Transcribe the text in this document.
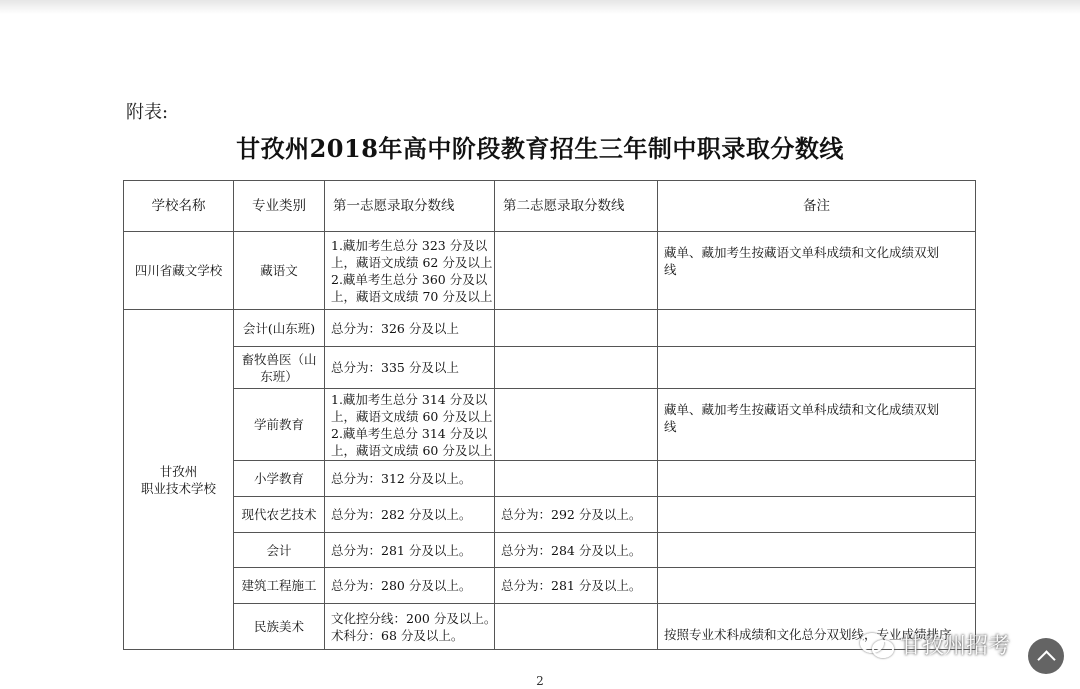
附表:
甘孜州2018年高中阶段教育招生三年制中职录取分数线
学校名称	专业类别	第一志愿录取分数线	第二志愿录取分数线	备注
四川省藏文学校	藏语文	1.藏加考生总分 323 分及以
上，藏语文成绩 62 分及以上
2.藏单考生总分 360 分及以
上，藏语文成绩 70 分及以上		藏单、藏加考生按藏语文单科成绩和文化成绩双划
线

甘孜州
职业技术学校	会计(山东班)	总分为：326 分及以上		

	畜牧兽医（山
东班）	总分为：335 分及以上		
	学前教育	1.藏加考生总分 314 分及以
上，藏语文成绩 60 分及以上
2.藏单考生总分 314 分及以
上，藏语文成绩 60 分及以上		藏单、藏加考生按藏语文单科成绩和文化成绩双划
线

	小学教育	总分为：312 分及以上。		
	现代农艺技术	总分为：282 分及以上。	总分为：292 分及以上。	
	会计	总分为：281 分及以上。	总分为：284 分及以上。	
	建筑工程施工	总分为：280 分及以上。	总分为：281 分及以上。	
	民族美术	文化控分线：200 分及以上。
术科分：68 分及以上。		按照专业术科成绩和文化总分双划线，专业成绩排序
2
甘孜州招考
